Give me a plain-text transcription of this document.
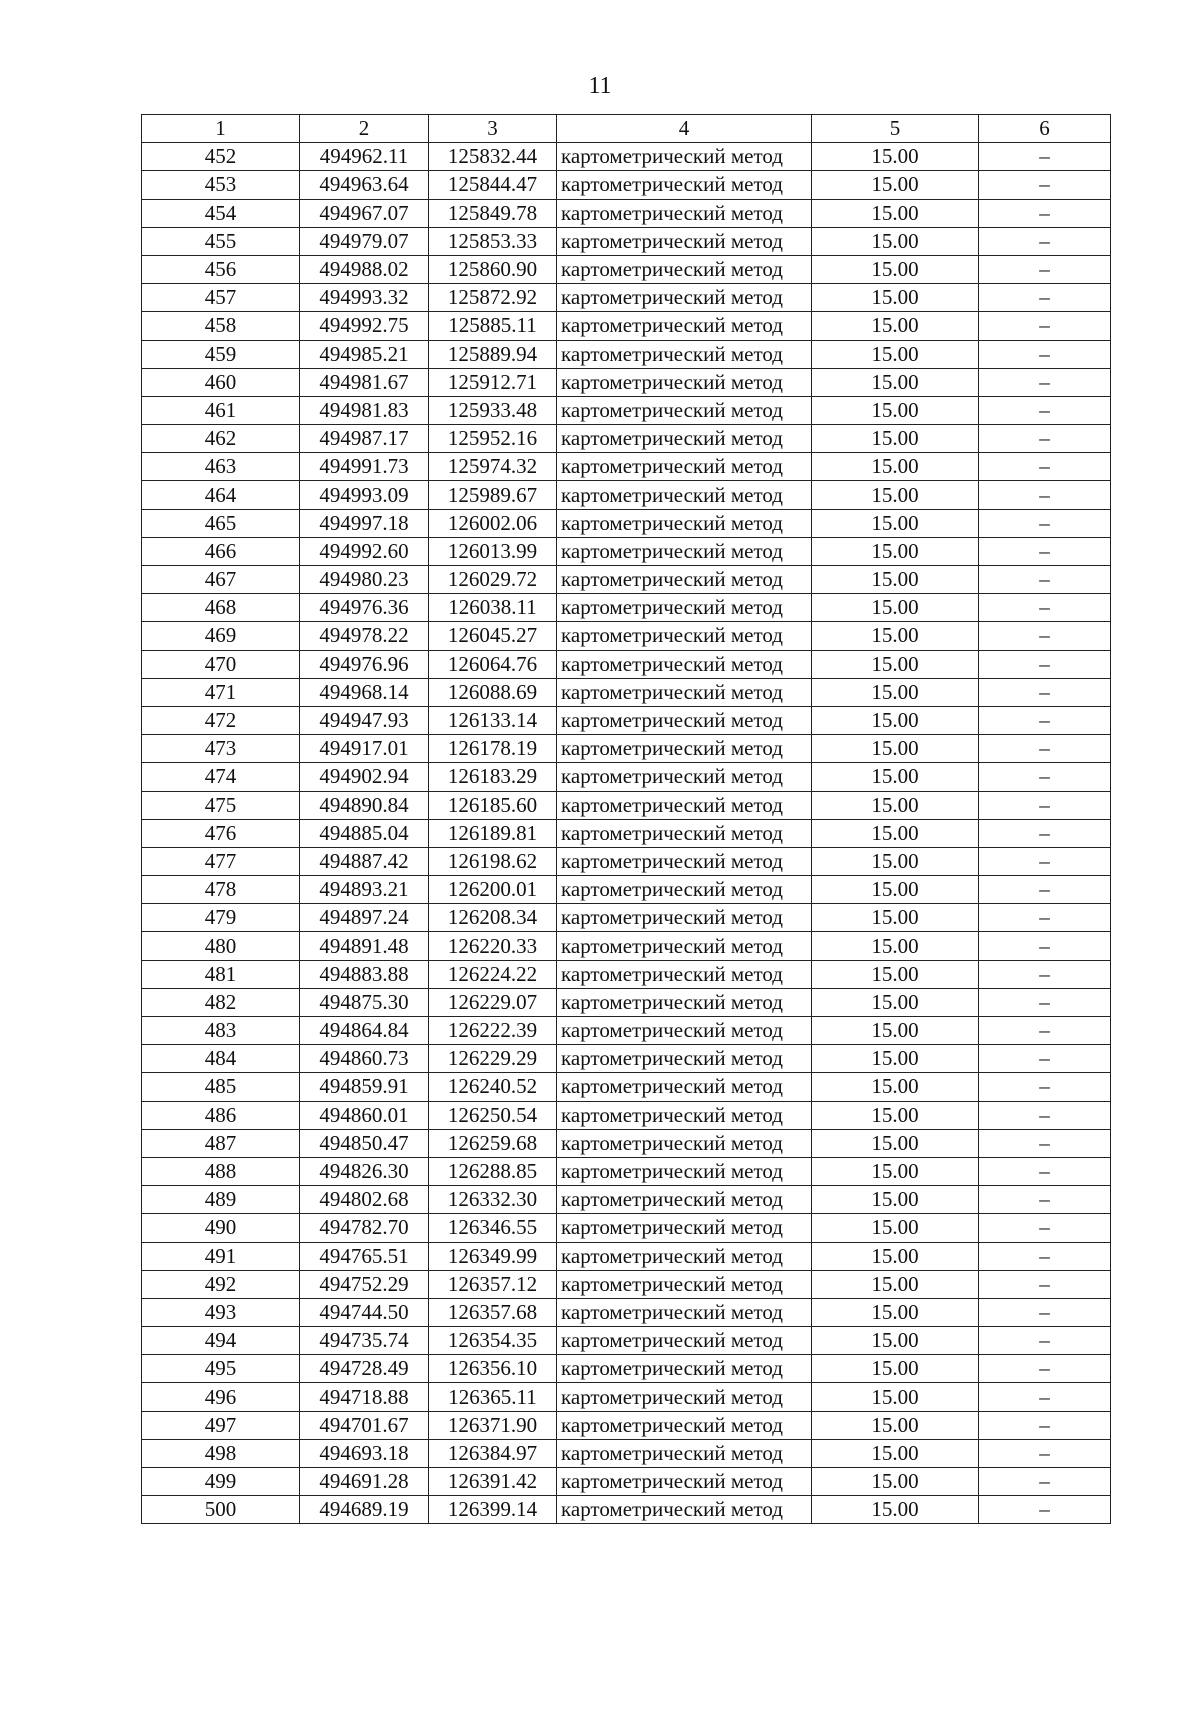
11
1	2	3	4	5	6
452	494962.11	125832.44	картометрический метод	15.00	–
453	494963.64	125844.47	картометрический метод	15.00	–
454	494967.07	125849.78	картометрический метод	15.00	–
455	494979.07	125853.33	картометрический метод	15.00	–
456	494988.02	125860.90	картометрический метод	15.00	–
457	494993.32	125872.92	картометрический метод	15.00	–
458	494992.75	125885.11	картометрический метод	15.00	–
459	494985.21	125889.94	картометрический метод	15.00	–
460	494981.67	125912.71	картометрический метод	15.00	–
461	494981.83	125933.48	картометрический метод	15.00	–
462	494987.17	125952.16	картометрический метод	15.00	–
463	494991.73	125974.32	картометрический метод	15.00	–
464	494993.09	125989.67	картометрический метод	15.00	–
465	494997.18	126002.06	картометрический метод	15.00	–
466	494992.60	126013.99	картометрический метод	15.00	–
467	494980.23	126029.72	картометрический метод	15.00	–
468	494976.36	126038.11	картометрический метод	15.00	–
469	494978.22	126045.27	картометрический метод	15.00	–
470	494976.96	126064.76	картометрический метод	15.00	–
471	494968.14	126088.69	картометрический метод	15.00	–
472	494947.93	126133.14	картометрический метод	15.00	–
473	494917.01	126178.19	картометрический метод	15.00	–
474	494902.94	126183.29	картометрический метод	15.00	–
475	494890.84	126185.60	картометрический метод	15.00	–
476	494885.04	126189.81	картометрический метод	15.00	–
477	494887.42	126198.62	картометрический метод	15.00	–
478	494893.21	126200.01	картометрический метод	15.00	–
479	494897.24	126208.34	картометрический метод	15.00	–
480	494891.48	126220.33	картометрический метод	15.00	–
481	494883.88	126224.22	картометрический метод	15.00	–
482	494875.30	126229.07	картометрический метод	15.00	–
483	494864.84	126222.39	картометрический метод	15.00	–
484	494860.73	126229.29	картометрический метод	15.00	–
485	494859.91	126240.52	картометрический метод	15.00	–
486	494860.01	126250.54	картометрический метод	15.00	–
487	494850.47	126259.68	картометрический метод	15.00	–
488	494826.30	126288.85	картометрический метод	15.00	–
489	494802.68	126332.30	картометрический метод	15.00	–
490	494782.70	126346.55	картометрический метод	15.00	–
491	494765.51	126349.99	картометрический метод	15.00	–
492	494752.29	126357.12	картометрический метод	15.00	–
493	494744.50	126357.68	картометрический метод	15.00	–
494	494735.74	126354.35	картометрический метод	15.00	–
495	494728.49	126356.10	картометрический метод	15.00	–
496	494718.88	126365.11	картометрический метод	15.00	–
497	494701.67	126371.90	картометрический метод	15.00	–
498	494693.18	126384.97	картометрический метод	15.00	–
499	494691.28	126391.42	картометрический метод	15.00	–
500	494689.19	126399.14	картометрический метод	15.00	–
